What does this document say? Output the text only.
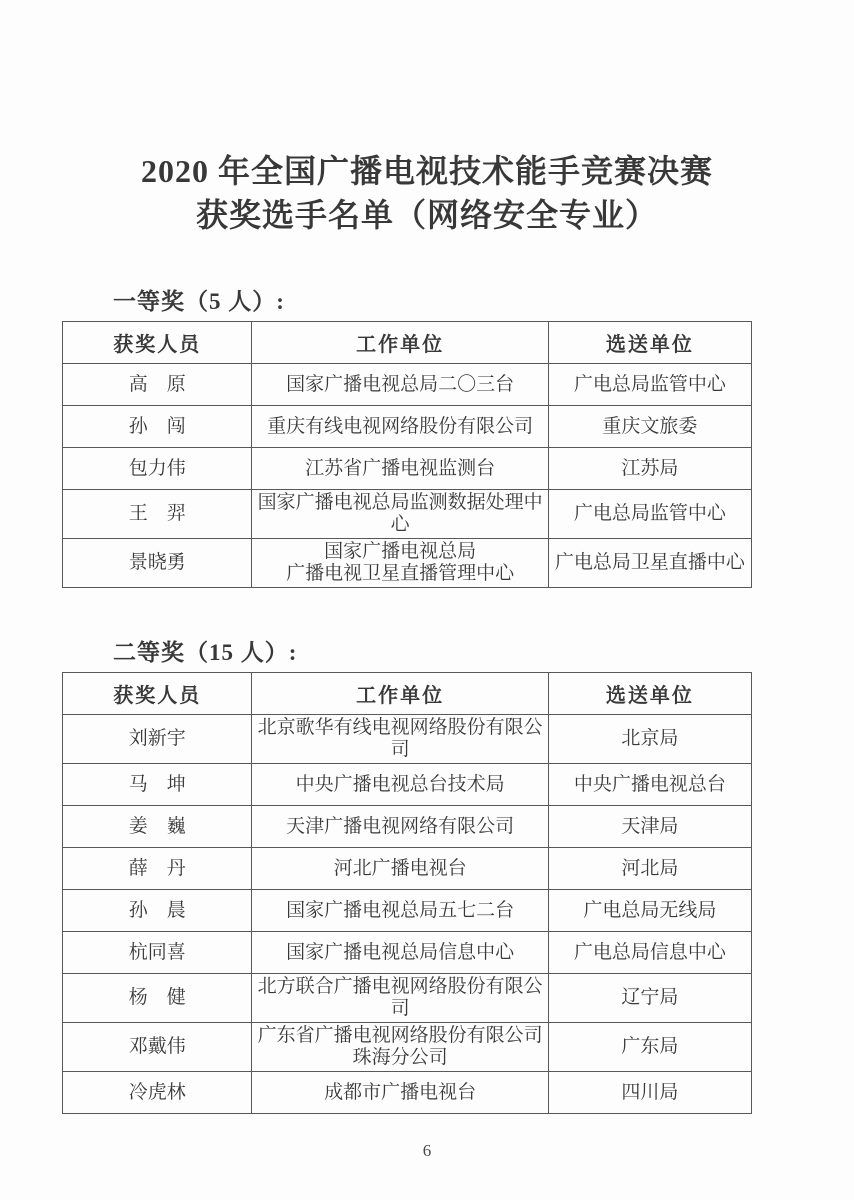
2020 年全国广播电视技术能手竞赛决赛
获奖选手名单（网络安全专业）
一等奖（5 人）:
获奖人员	工作单位	选送单位

高　原	国家广播电视总局二〇三台	广电总局监管中心

孙　闯	重庆有线电视网络股份有限公司	重庆文旅委

包力伟	江苏省广播电视监测台	江苏局

王　羿	国家广播电视总局监测数据处理中心	广电总局监管中心

景晓勇	国家广播电视总局
广播电视卫星直播管理中心	广电总局卫星直播中心
二等奖（15 人）:
获奖人员	工作单位	选送单位

刘新宇	北京歌华有线电视网络股份有限公司	北京局

马　坤	中央广播电视总台技术局	中央广播电视总台

姜　巍	天津广播电视网络有限公司	天津局

薛　丹	河北广播电视台	河北局

孙　晨	国家广播电视总局五七二台	广电总局无线局

杭同喜	国家广播电视总局信息中心	广电总局信息中心

杨　健	北方联合广播电视网络股份有限公司	辽宁局

邓戴伟	广东省广播电视网络股份有限公司
珠海分公司	广东局

冷虎林	成都市广播电视台	四川局
6
